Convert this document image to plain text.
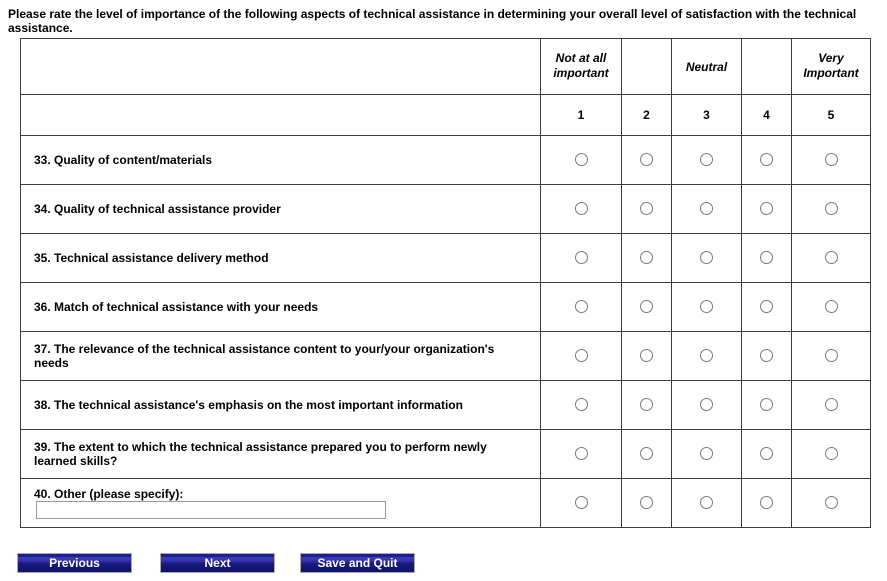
Please rate the level of importance of the following aspects of technical assistance in determining your overall level of satisfaction with the technical assistance.
	Not at all important		Neutral		Very Important
	1	2	3	4	5
33. Quality of content/materials					
34. Quality of technical assistance provider					
35. Technical assistance delivery method					
36. Match of technical assistance with your needs					
37. The relevance of the technical assistance content to your/your organization's needs					
38. The technical assistance's emphasis on the most important information					
39. The extent to which the technical assistance prepared you to perform newly learned skills?					
40. Other (please specify):					
Previous	Next	Save and Quit
